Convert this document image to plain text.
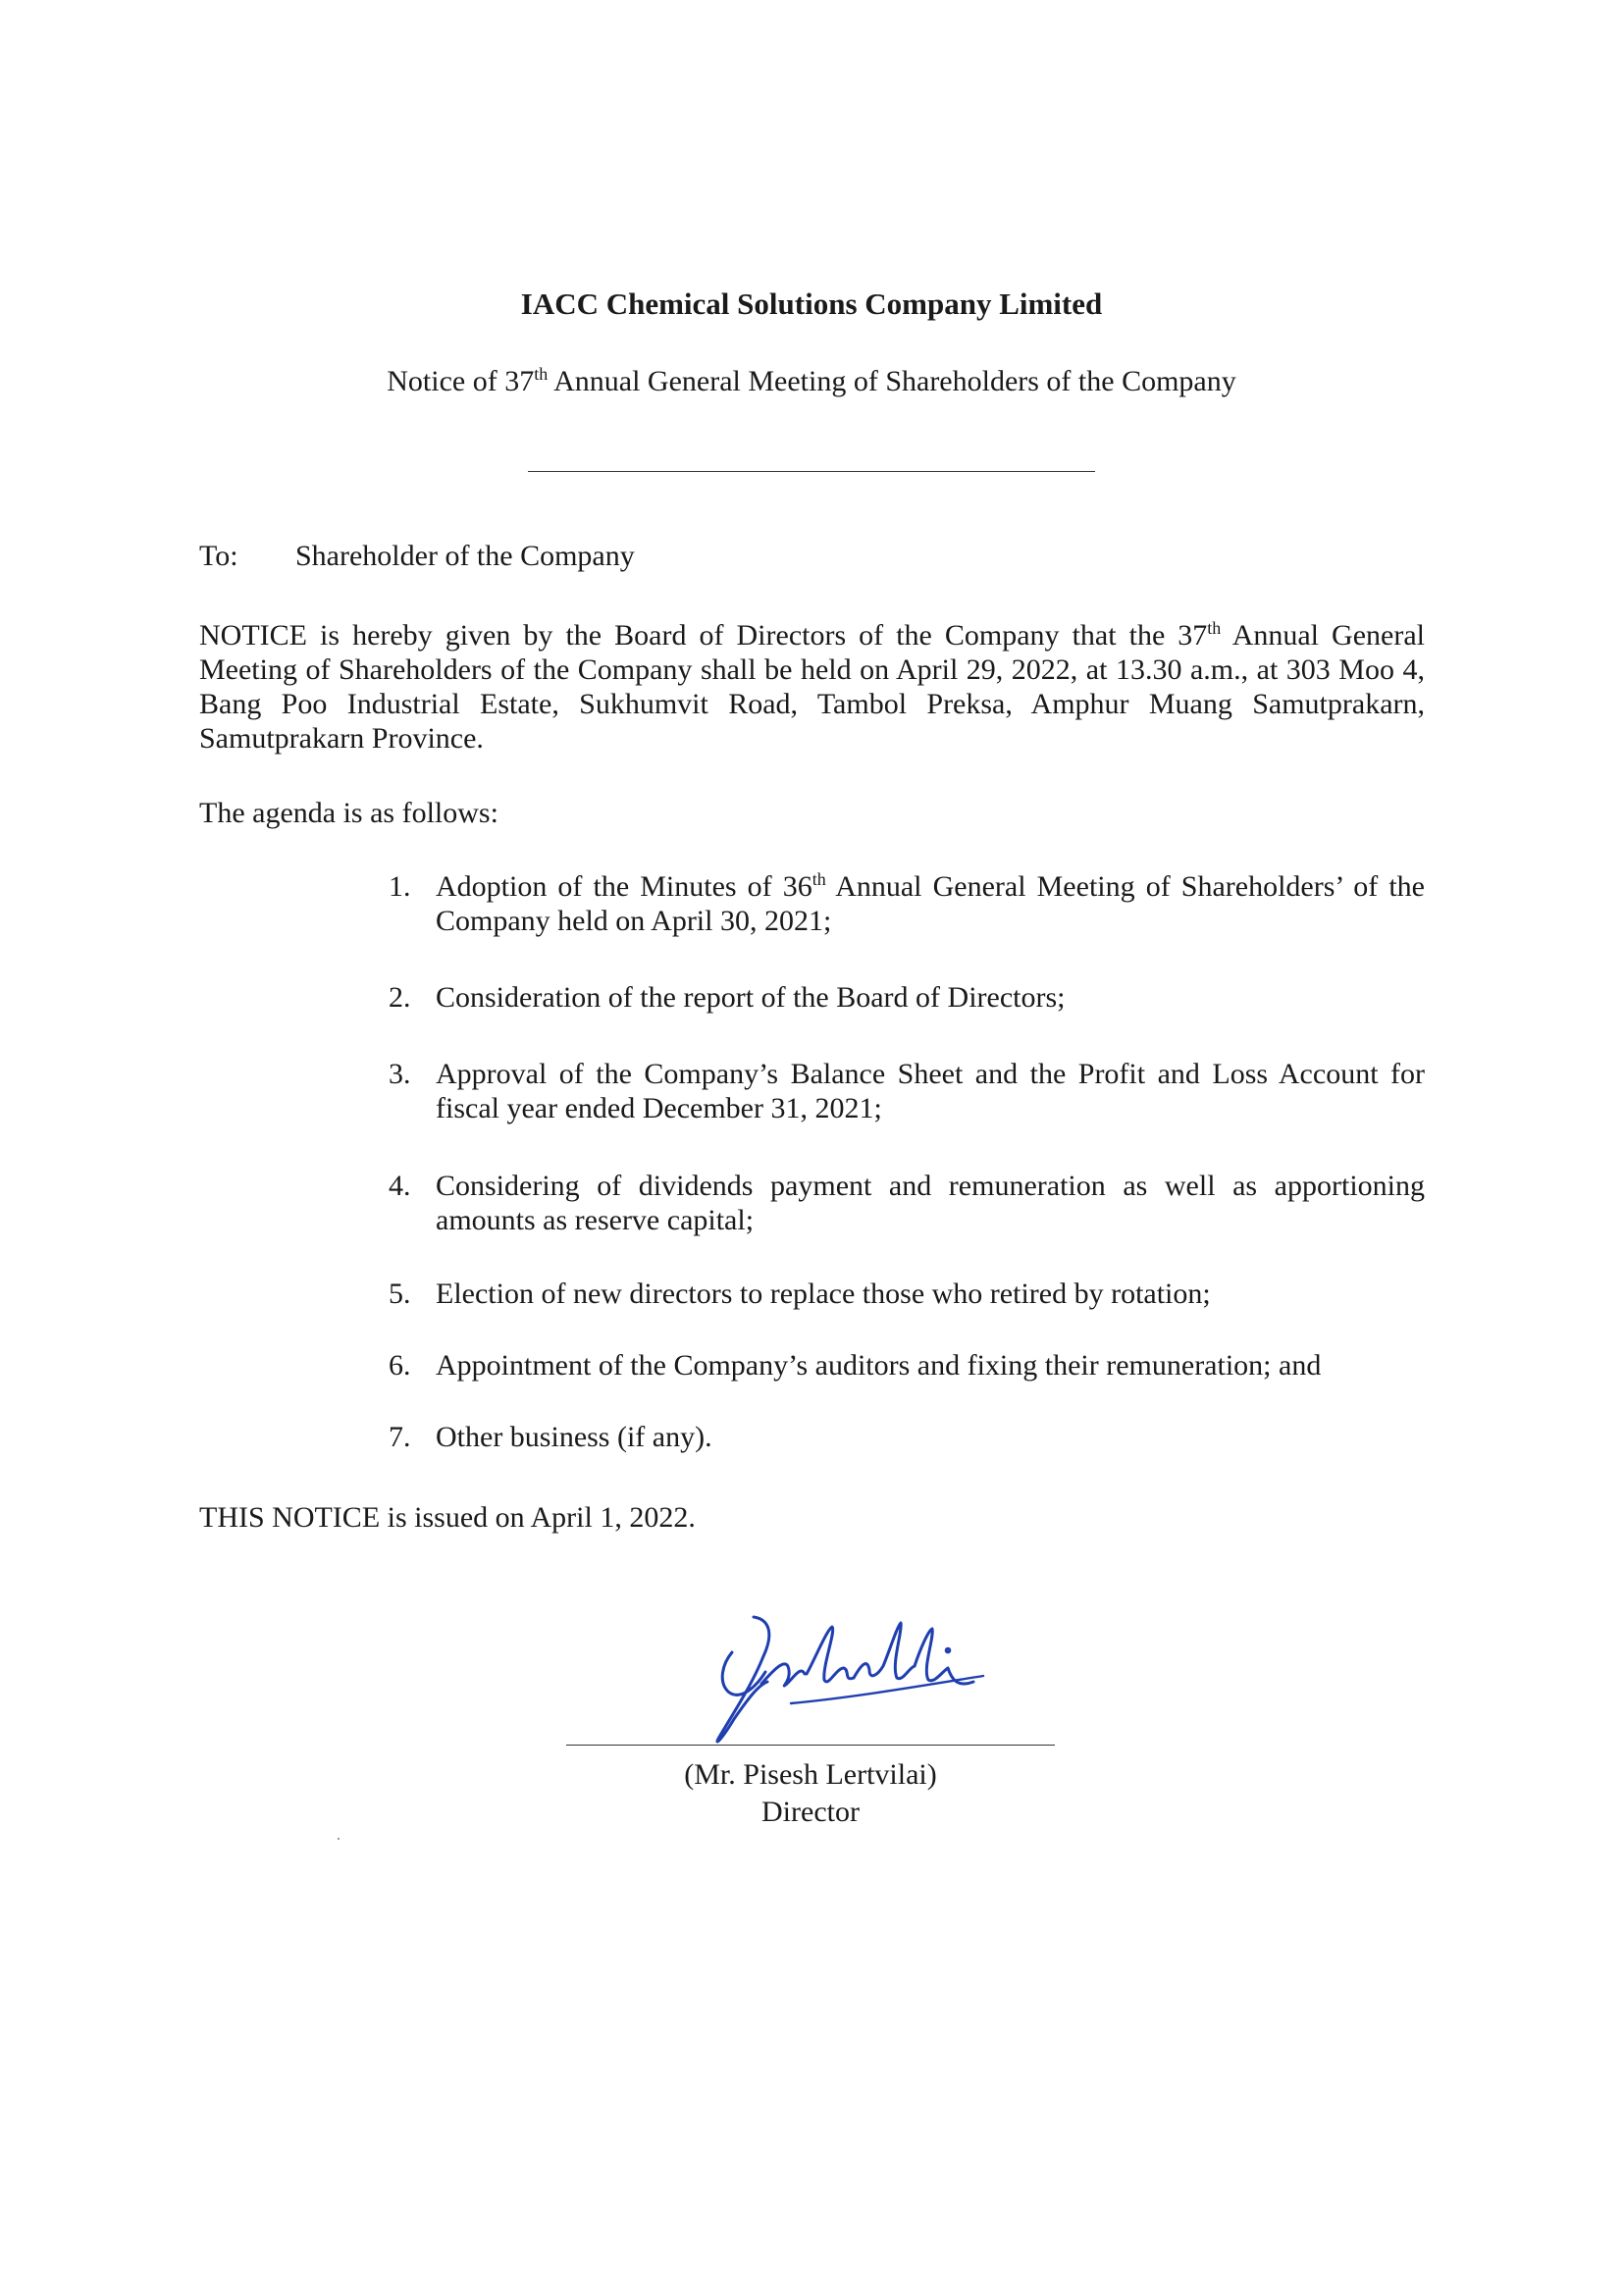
IACC Chemical Solutions Company Limited
Notice of 37th Annual General Meeting of Shareholders of the Company
To: Shareholder of the Company
NOTICE is hereby given by the Board of Directors of the Company that the 37th Annual General Meeting of Shareholders of the Company shall be held on April 29, 2022, at 13.30 a.m., at 303 Moo 4, Bang Poo Industrial Estate, Sukhumvit Road, Tambol Preksa, Amphur Muang Samutprakarn, Samutprakarn Province.
The agenda is as follows:
1. Adoption of the Minutes of 36th Annual General Meeting of Shareholders’ of the Company held on April 30, 2021;
2. Consideration of the report of the Board of Directors;
3. Approval of the Company’s Balance Sheet and the Profit and Loss Account for fiscal year ended December 31, 2021;
4. Considering of dividends payment and remuneration as well as apportioning amounts as reserve capital;
5. Election of new directors to replace those who retired by rotation;
6. Appointment of the Company’s auditors and fixing their remuneration; and
7. Other business (if any).
THIS NOTICE is issued on April 1, 2022.
(Mr. Pisesh Lertvilai)
Director
